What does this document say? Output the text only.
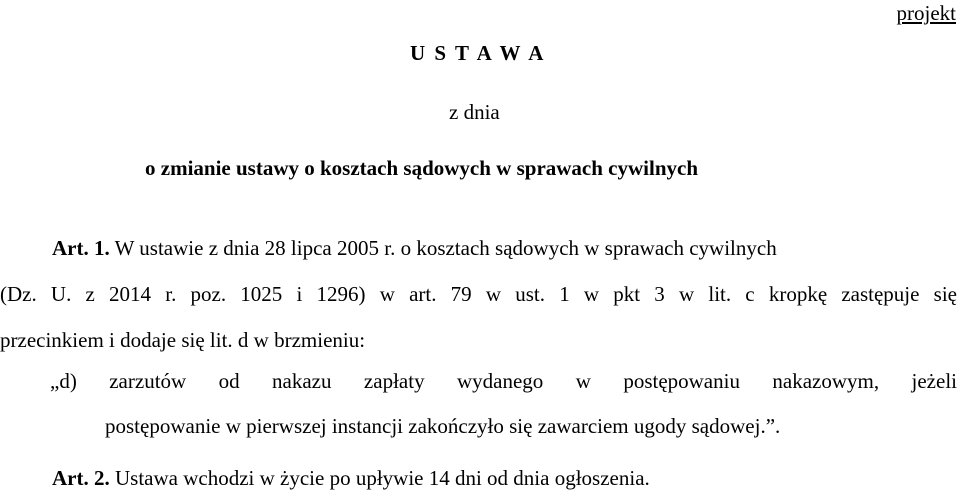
projekt
U S T A W A
z dnia
o zmianie ustawy o kosztach sądowych w sprawach cywilnych
Art. 1. W ustawie z dnia 28 lipca 2005 r. o kosztach sądowych w sprawach cywilnych
(Dz. U. z 2014 r. poz. 1025 i 1296) w art. 79 w ust. 1 w pkt 3 w lit. c kropkę zastępuje się
przecinkiem i dodaje się lit. d w brzmieniu:
„d) zarzutów od nakazu zapłaty wydanego w postępowaniu nakazowym, jeżeli
postępowanie w pierwszej instancji zakończyło się zawarciem ugody sądowej.”.
Art. 2. Ustawa wchodzi w życie po upływie 14 dni od dnia ogłoszenia.
